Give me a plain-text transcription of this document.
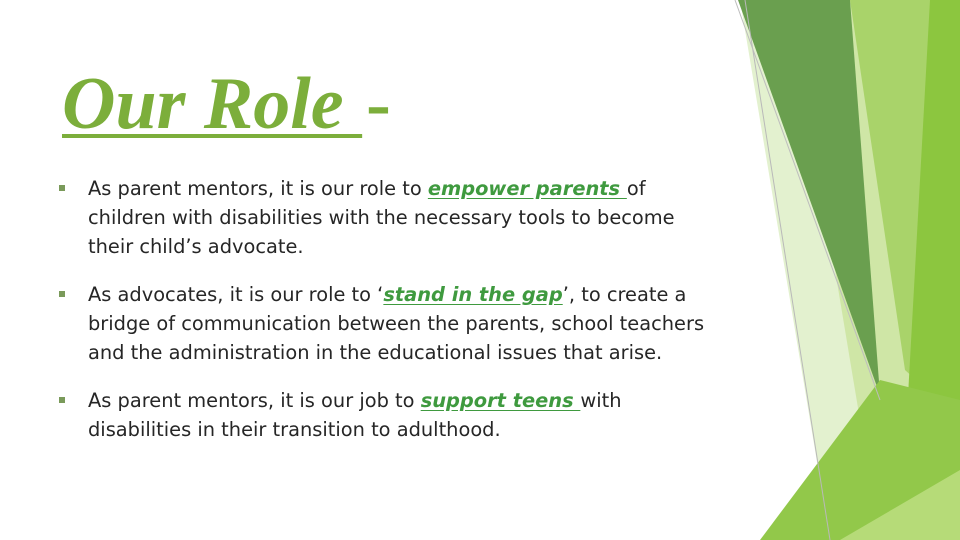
Our Role -
As parent mentors, it is our role to empower parents of children with disabilities with the necessary tools to become their child’s advocate.
As advocates, it is our role to ‘stand in the gap’, to create a bridge of communication between the parents, school teachers and the administration in the educational issues that arise.
As parent mentors, it is our job to support teens with disabilities in their transition to adulthood.
